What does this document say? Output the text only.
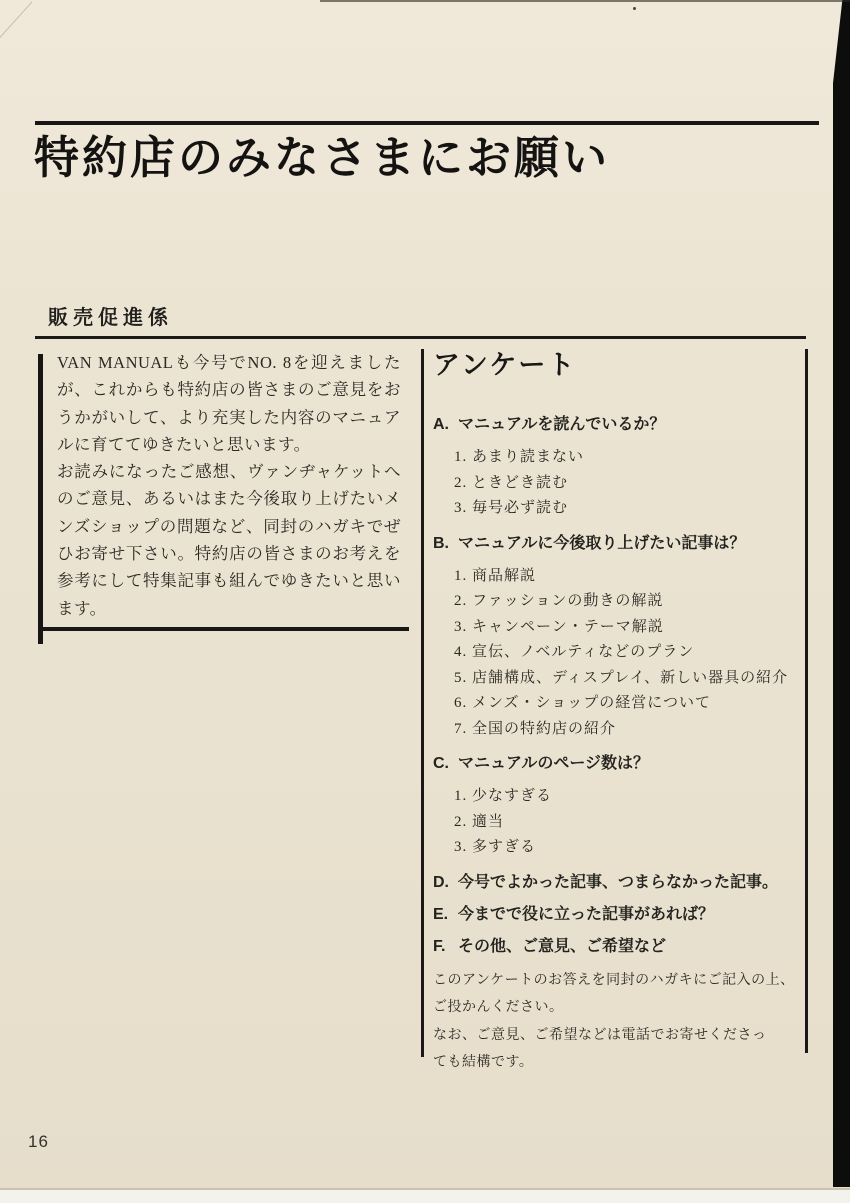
特約店のみなさまにお願い
販売促進係
VAN MANUALも今号でNO. 8を迎えました
が、これからも特約店の皆さまのご意見をお
うかがいして、より充実した内容のマニュア
ルに育ててゆきたいと思います。
お読みになったご感想、ヴァンヂャケットへ
のご意見、あるいはまた今後取り上げたいメ
ンズショップの問題など、同封のハガキでぜ
ひお寄せ下さい。特約店の皆さまのお考えを
参考にして特集記事も組んでゆきたいと思い
ます。
アンケート
A. マニュアルを読んでいるか？
1. あまり読まない
2. ときどき読む
3. 毎号必ず読む
B. マニュアルに今後取り上げたい記事は？
1. 商品解説
2. ファッションの動きの解説
3. キャンペーン・テーマ解説
4. 宣伝、ノベルティなどのプラン
5. 店舗構成、ディスプレイ、新しい器具の紹介
6. メンズ・ショップの経営について
7. 全国の特約店の紹介
C. マニュアルのページ数は？
1. 少なすぎる
2. 適当
3. 多すぎる
D. 今号でよかった記事、つまらなかった記事。
E. 今までで役に立った記事があれば？
F. その他、ご意見、ご希望など
このアンケートのお答えを同封のハガキにご記入の上、
ご投かんください。
なお、ご意見、ご希望などは電話でお寄せくださっ
ても結構です。
16
